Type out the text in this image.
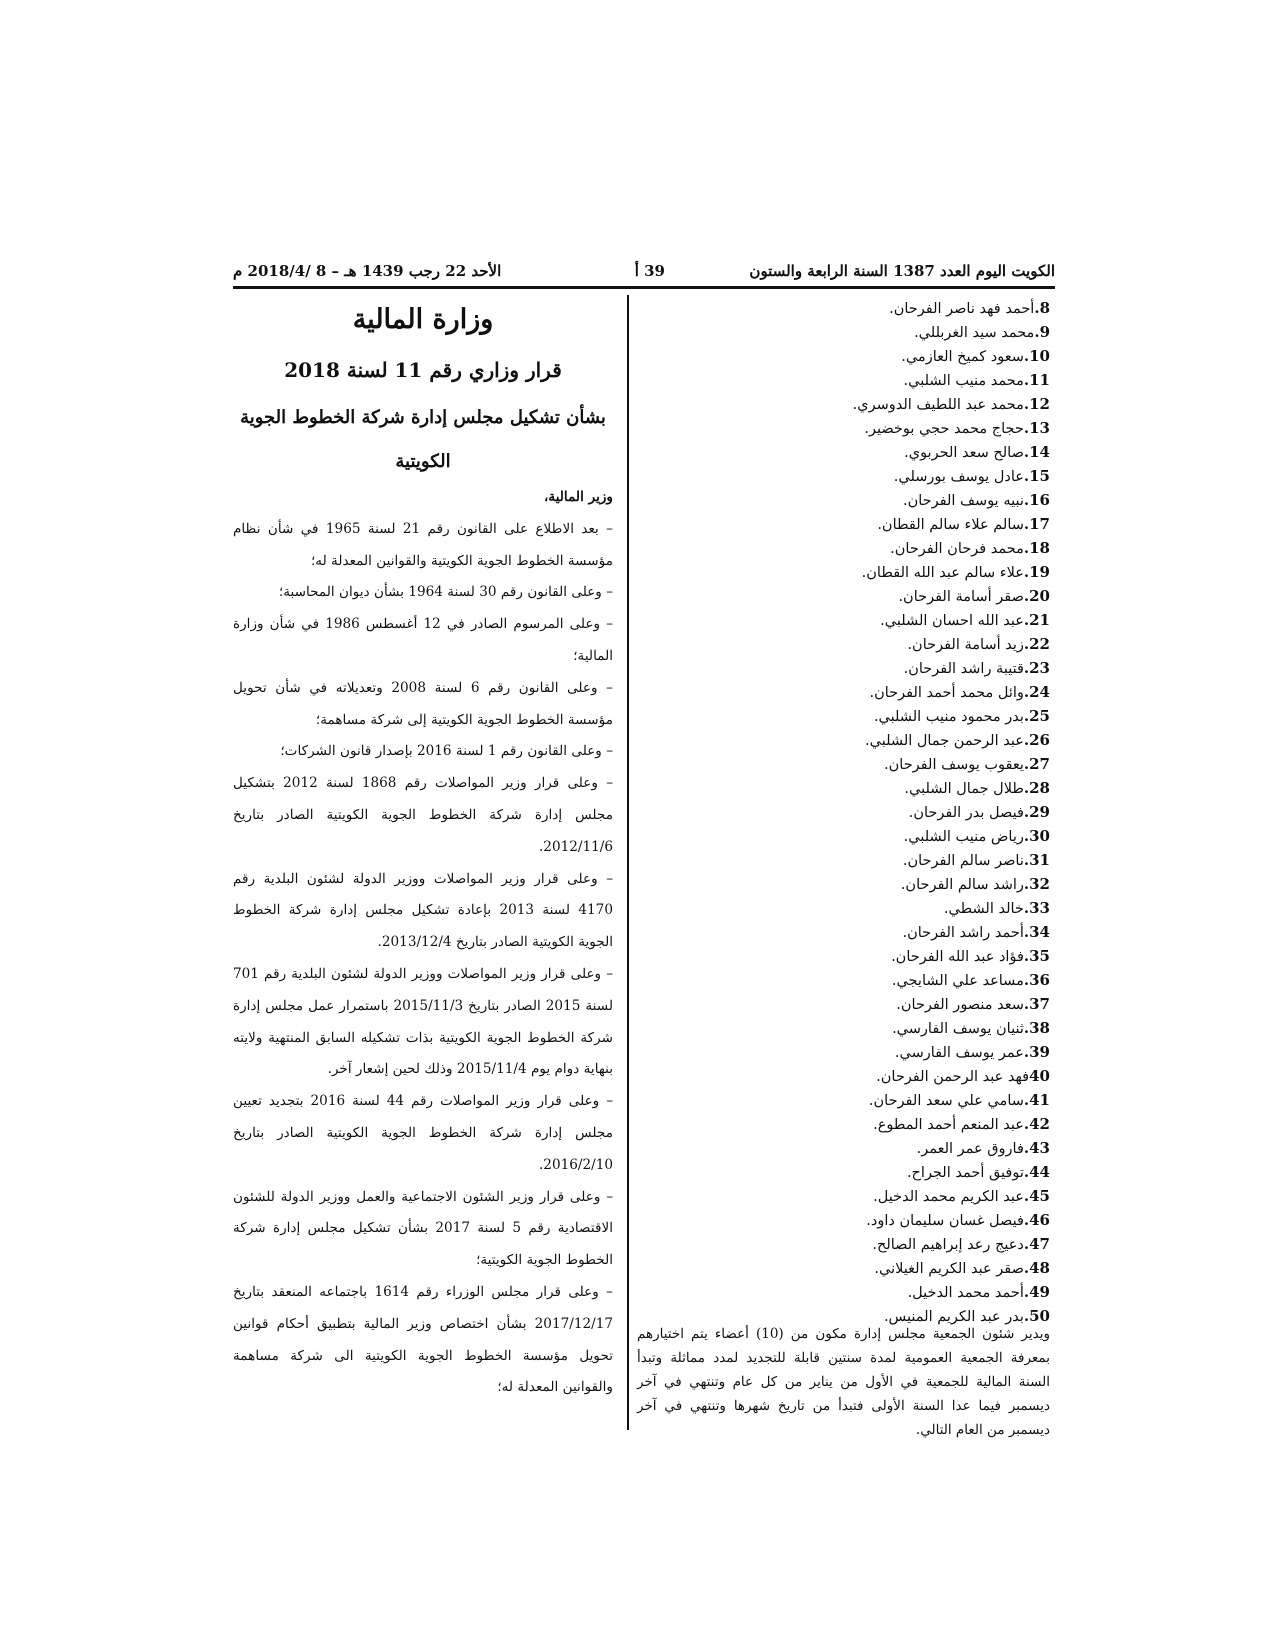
الكويت اليوم العدد 1387 السنة الرابعة والستون
39 أ
الأحد 22 رجب 1439 هـ – 8 /2018/4 م
8.أحمد فهد ناصر الفرحان.
9.محمد سيد الغربللي.
10.سعود كميخ العازمي.
11.محمد منيب الشلبي.
12.محمد عبد اللطيف الدوسري.
13.حجاج محمد حجي بوخضير.
14.صالح سعد الحربوي.
15.عادل يوسف بورسلي.
16.نبيه يوسف الفرحان.
17.سالم علاء سالم القطان.
18.محمد فرحان الفرحان.
19.علاء سالم عبد الله القطان.
20.صقر أسامة الفرحان.
21.عبد الله احسان الشلبي.
22.زيد أسامة الفرحان.
23.قتيبة راشد الفرحان.
24.وائل محمد أحمد الفرحان.
25.بدر محمود منيب الشلبي.
26.عبد الرحمن جمال الشلبي.
27.يعقوب يوسف الفرحان.
28.طلال جمال الشلبي.
29.فيصل بدر الفرحان.
30.رياض منيب الشلبي.
31.ناصر سالم الفرحان.
32.راشد سالم الفرحان.
33.خالد الشطي.
34.أحمد راشد الفرحان.
35.فؤاد عبد الله الفرحان.
36.مساعد علي الشايجي.
37.سعد منصور الفرحان.
38.ثنيان يوسف الفارسي.
39.عمر يوسف الفارسي.
40فهد عبد الرحمن الفرحان.
41.سامي علي سعد الفرحان.
42.عبد المنعم أحمد المطوع.
43.فاروق عمر العمر.
44.توفيق أحمد الجراح.
45.عبد الكريم محمد الدخيل.
46.فيصل غسان سليمان داود.
47.دعيج رعد إبراهيم الصالح.
48.صقر عبد الكريم الغيلاني.
49.أحمد محمد الدخيل.
50.بدر عبد الكريم المنيس.

ويدير شئون الجمعية مجلس إدارة مكون من (10) أعضاء يتم اختيارهم بمعرفة الجمعية العمومية لمدة سنتين قابلة للتجديد لمدد مماثلة وتبدأ السنة المالية للجمعية في الأول من يناير من كل عام وتنتهي في آخر ديسمبر فيما عدا السنة الأولى فتبدأ من تاريخ شهرها وتنتهي في آخر ديسمبر من العام التالي.

وزارة المالية
قرار وزاري رقم 11 لسنة 2018
بشأن تشكيل مجلس إدارة شركة الخطوط الجوية الكويتية

وزير المالية،

– بعد الاطلاع على القانون رقم 21 لسنة 1965 في شأن نظام مؤسسة الخطوط الجوية الكويتية والقوانين المعدلة له؛

– وعلى القانون رقم 30 لسنة 1964 بشأن ديوان المحاسبة؛

– وعلى المرسوم الصادر في 12 أغسطس 1986 في شأن وزارة المالية؛

– وعلى القانون رقم 6 لسنة 2008 وتعديلاته في شأن تحويل مؤسسة الخطوط الجوية الكويتية إلى شركة مساهمة؛

– وعلى القانون رقم 1 لسنة 2016 بإصدار قانون الشركات؛

– وعلى قرار وزير المواصلات رقم 1868 لسنة 2012 بتشكيل مجلس إدارة شركة الخطوط الجوية الكويتية الصادر بتاريخ 2012/11/6.

– وعلى قرار وزير المواصلات ووزير الدولة لشئون البلدية رقم 4170 لسنة 2013 بإعادة تشكيل مجلس إدارة شركة الخطوط الجوية الكويتية الصادر بتاريخ 2013/12/4.

– وعلى قرار وزير المواصلات ووزير الدولة لشئون البلدية رقم 701 لسنة 2015 الصادر بتاريخ 2015/11/3 باستمرار عمل مجلس إدارة شركة الخطوط الجوية الكويتية بذات تشكيله السابق المنتهية ولايته بنهاية دوام يوم 2015/11/4 وذلك لحين إشعار آخر.

– وعلى قرار وزير المواصلات رقم 44 لسنة 2016 بتجديد تعيين مجلس إدارة شركة الخطوط الجوية الكويتية الصادر بتاريخ 2016/2/10.

– وعلى قرار وزير الشئون الاجتماعية والعمل ووزير الدولة للشئون الاقتصادية رقم 5 لسنة 2017 بشأن تشكيل مجلس إدارة شركة الخطوط الجوية الكويتية؛

– وعلى قرار مجلس الوزراء رقم 1614 باجتماعه المنعقد بتاريخ 2017/12/17 بشأن اختصاص وزير المالية بتطبيق أحكام قوانين تحويل مؤسسة الخطوط الجوية الكويتية الى شركة مساهمة والقوانين المعدلة له؛
